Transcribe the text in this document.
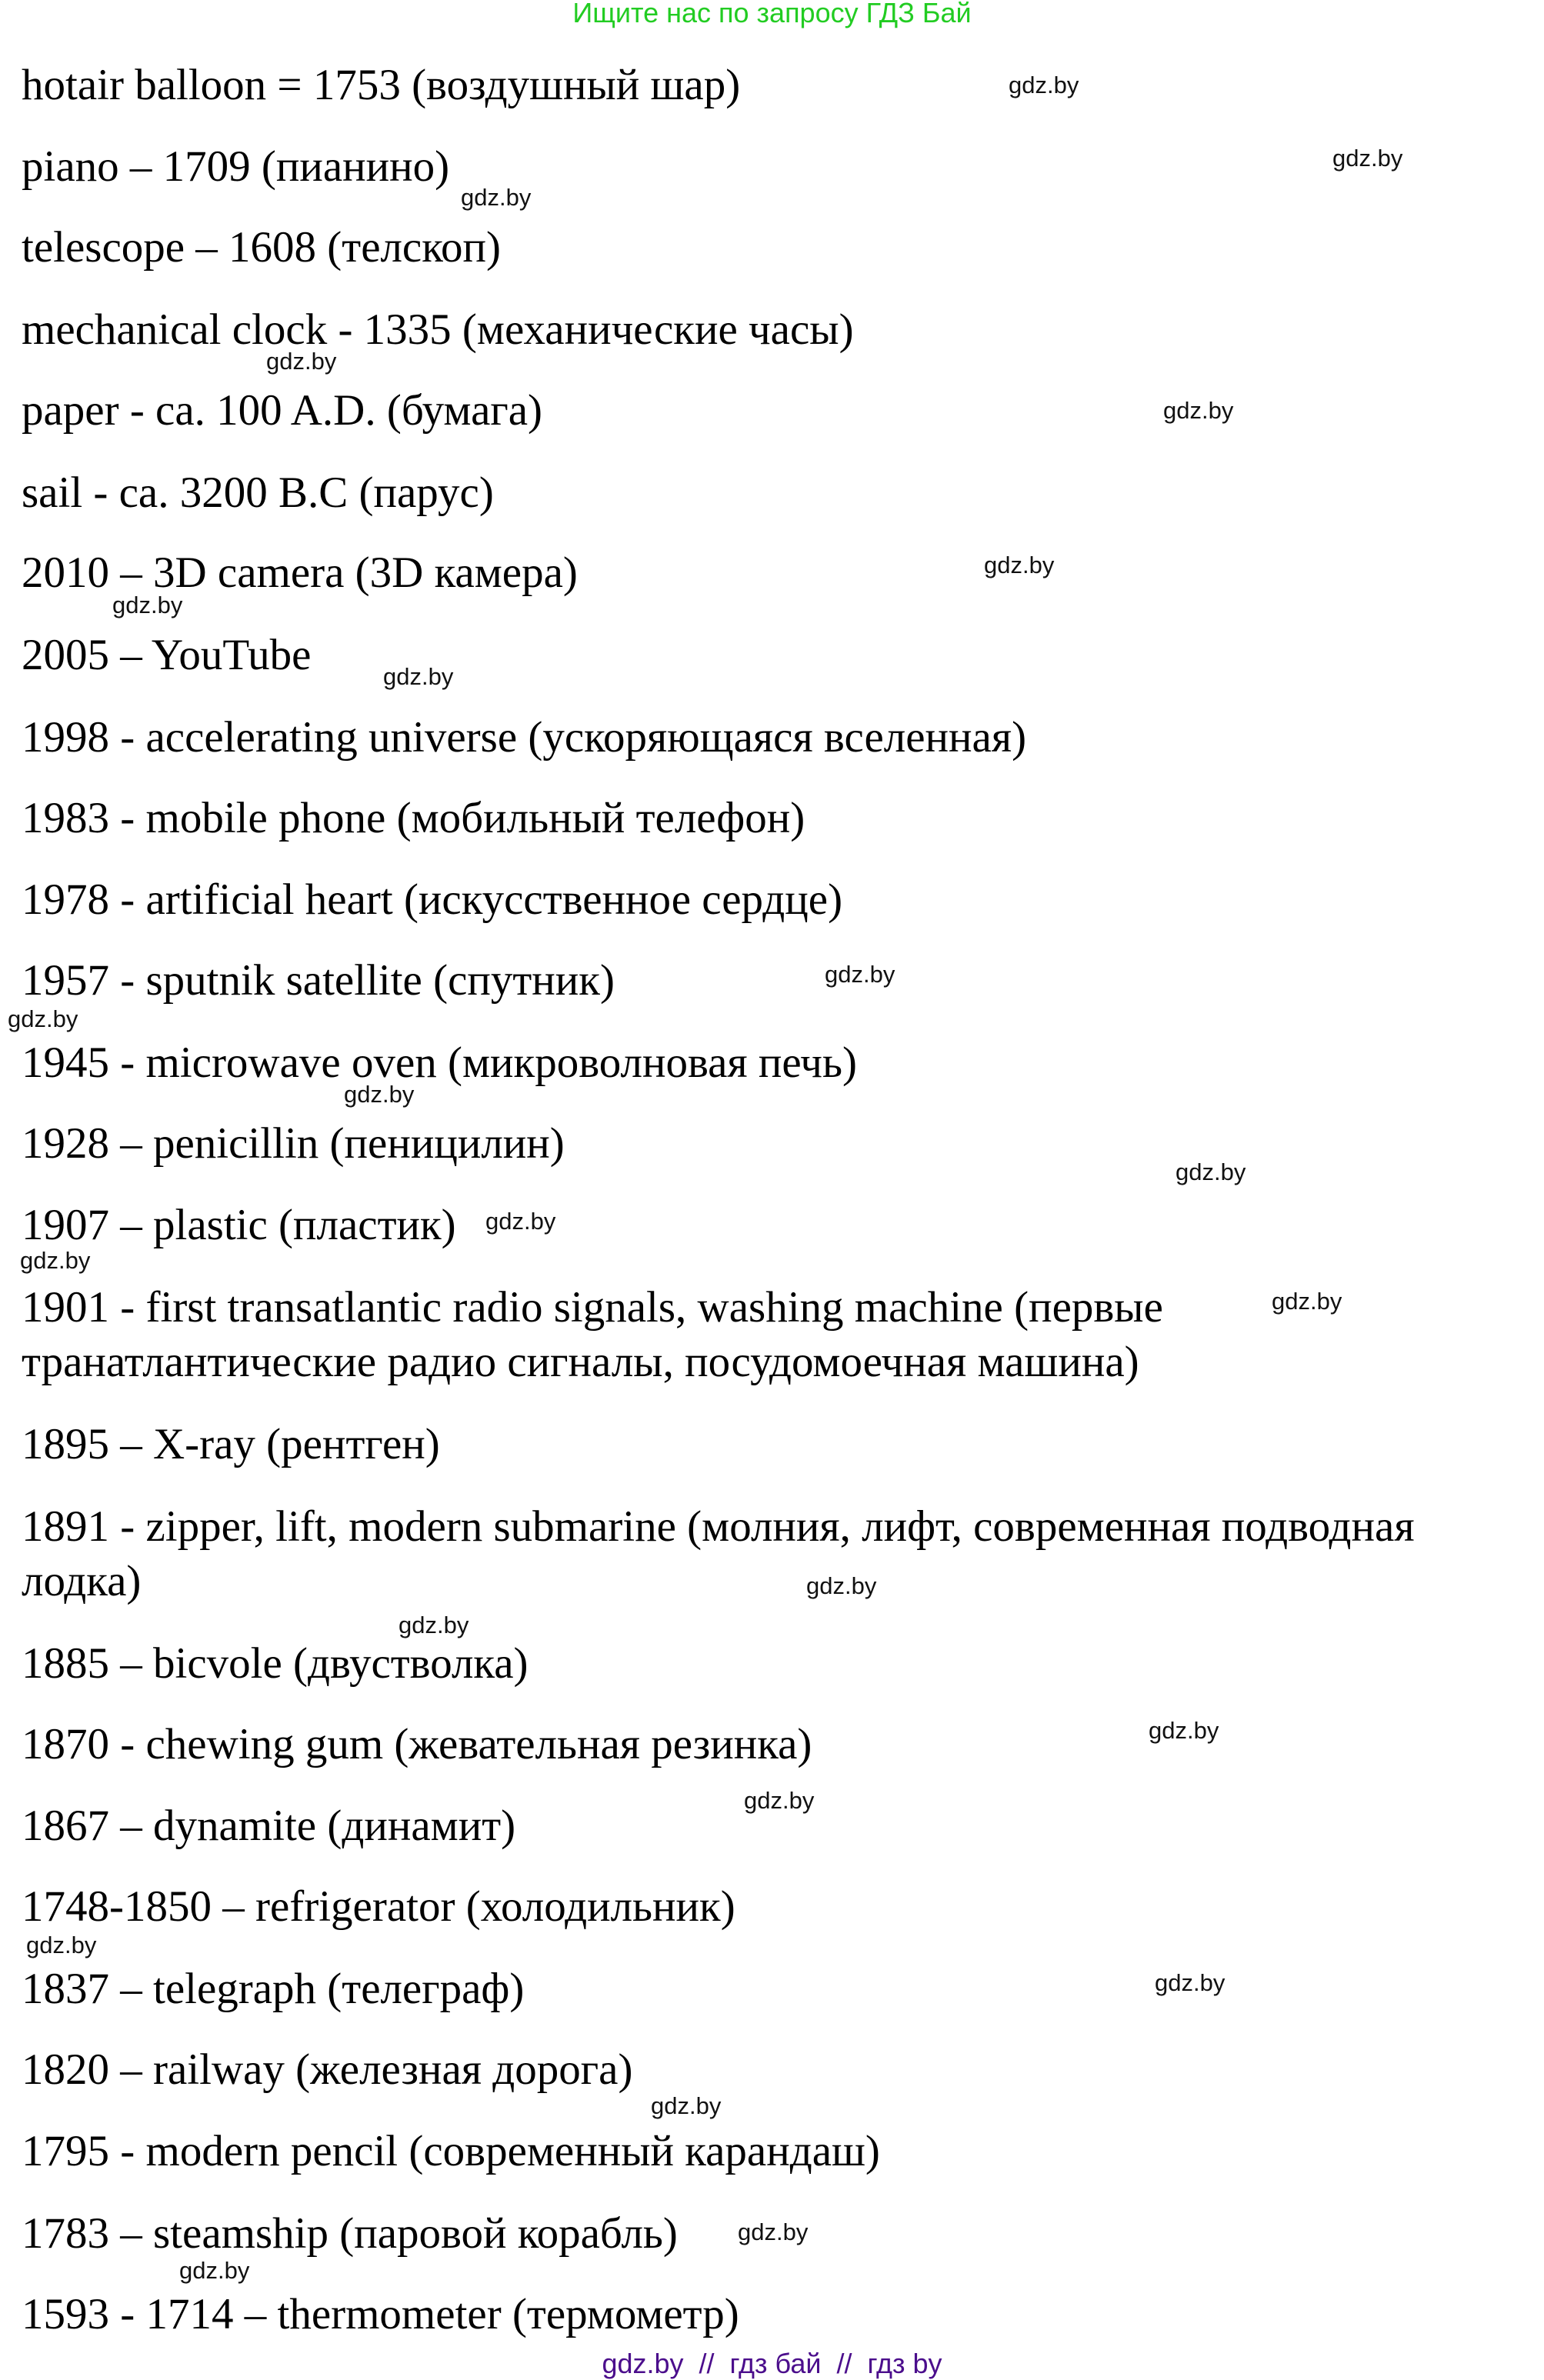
Ищите нас по запросу ГДЗ Бай
hotair balloon = 1753 (воздушный шар)
piano – 1709 (пианино)
telescope – 1608 (телскоп)
mechanical clock - 1335 (механические часы)
paper - ca. 100 A.D. (бумага)
sail - ca. 3200 B.C (парус)
2010 – 3D camera (3D камера)
2005 – YouTube
1998 - accelerating universe (ускоряющаяся вселенная)
1983 - mobile phone (мобильный телефон)
1978 - artificial heart (искусственное сердце)
1957 - sputnik satellite (спутник)
1945 - microwave oven (микроволновая печь)
1928 – penicillin (пеницилин)
1907 – plastic (пластик)
1901 - first transatlantic radio signals, washing machine (первые
транатлантические радио сигналы, посудомоечная машина)
1895 – X-ray (рентген)
1891 - zipper, lift, modern submarine (молния, лифт, современная подводная
лодка)
1885 – bicvole (двустволка)
1870 - chewing gum (жевательная резинка)
1867 – dynamite (динамит)
1748-1850 – refrigerator (холодильник)
1837 – telegraph (телеграф)
1820 – railway (железная дорога)
1795 - modern pencil (современный карандаш)
1783 – steamship (паровой корабль)
1593 - 1714 – thermometer (термометр)
gdz.by
gdz.by
gdz.by
gdz.by
gdz.by
gdz.by
gdz.by
gdz.by
gdz.by
gdz.by
gdz.by
gdz.by
gdz.by
gdz.by
gdz.by
gdz.by
gdz.by
gdz.by
gdz.by
gdz.by
gdz.by
gdz.by
gdz.by
gdz.by
gdz.by  //  гдз бай  //  гдз by
